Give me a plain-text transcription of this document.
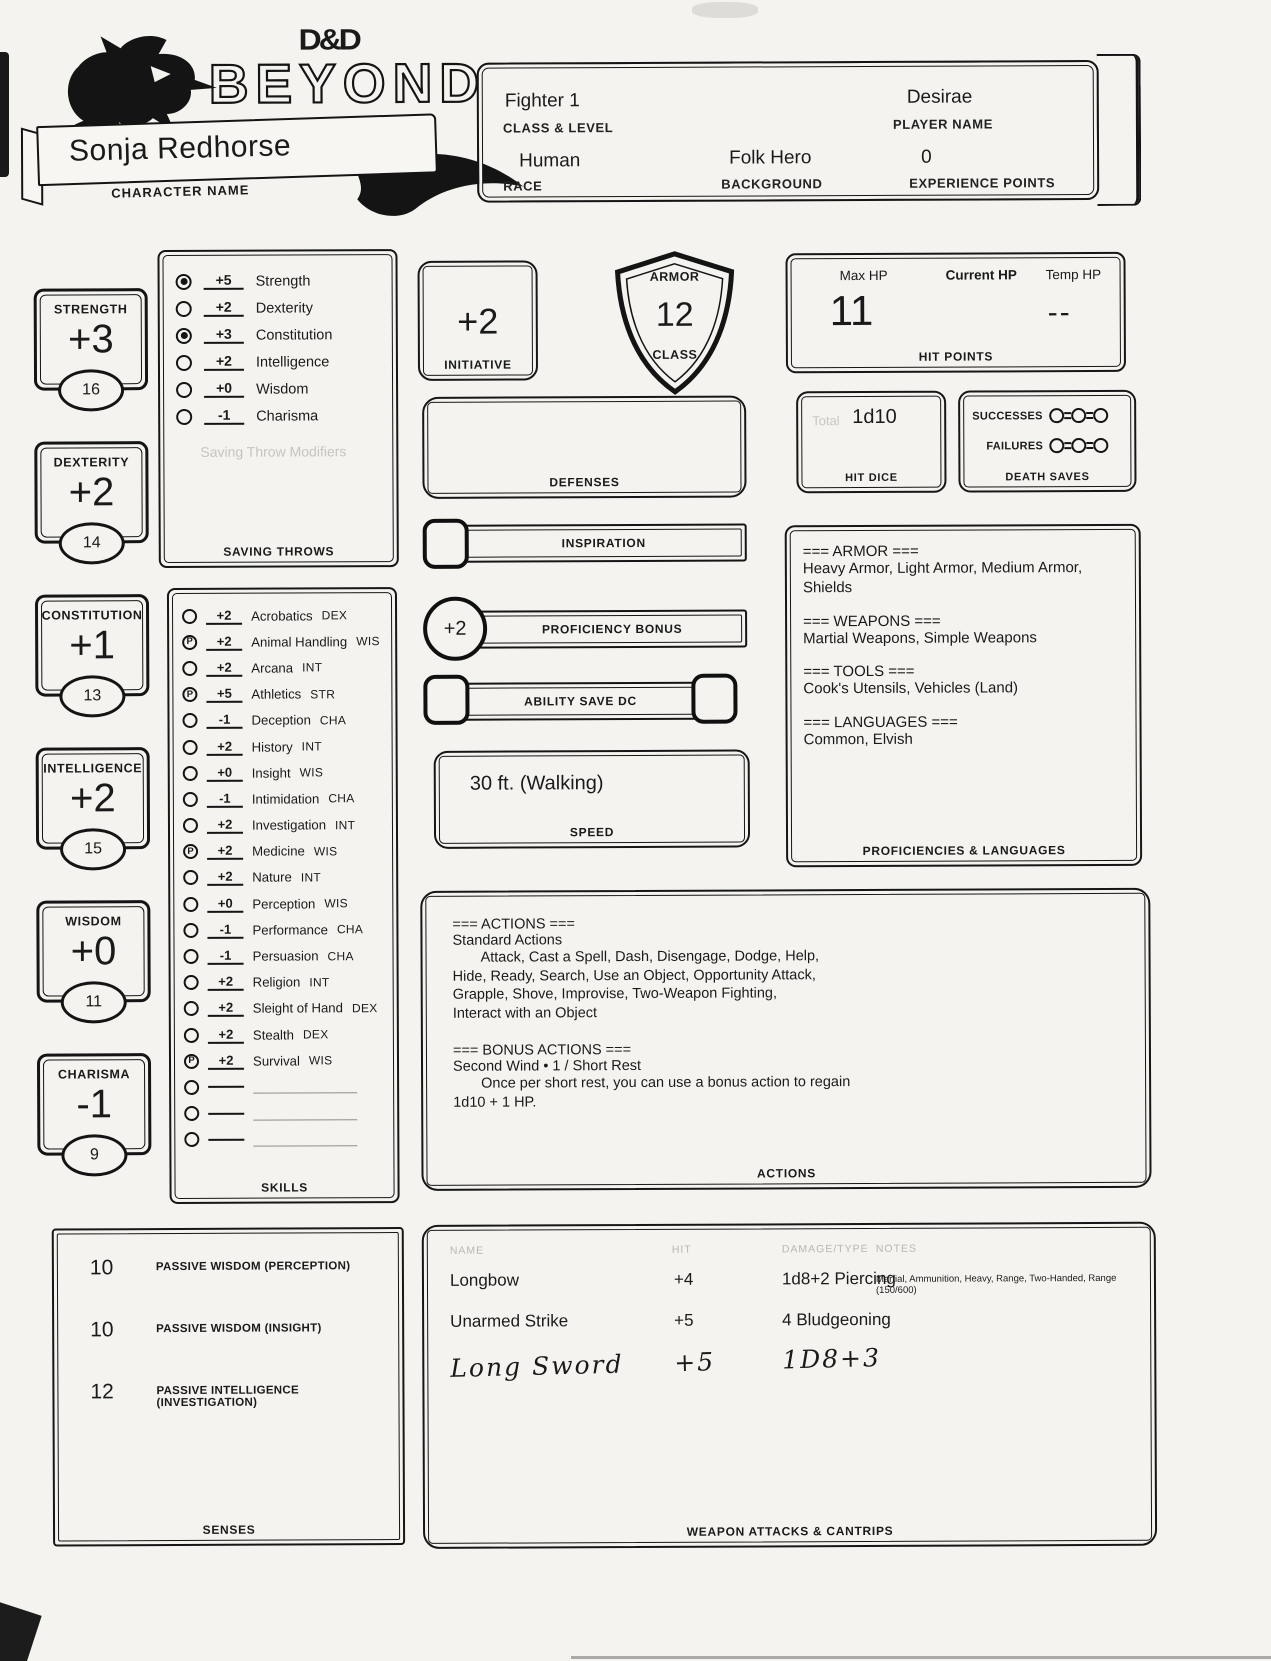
D&D
BEYOND
Sonja Redhorse
CHARACTER NAME
Fighter 1
CLASS & LEVEL
Desirae
PLAYER NAME
Human
RACE
Folk Hero
BACKGROUND
0
EXPERIENCE POINTS
STRENGTH
+3
16
DEXTERITY
+2
14
CONSTITUTION
+1
13
INTELLIGENCE
+2
15
WISDOM
+0
11
CHARISMA
-1
9
+5	Strength
+2	Dexterity
+3	Constitution
+2	Intelligence
+0	Wisdom
-1	Charisma
Saving Throw Modifiers
SAVING THROWS
+2	Acrobatics DEX
P
+2	Animal Handling WIS
+2	Arcana INT
P
+5	Athletics STR
-1	Deception CHA
+2	History INT
+0	Insight WIS
-1	Intimidation CHA
+2	Investigation INT
P
+2	Medicine WIS
+2	Nature INT
+0	Perception WIS
-1	Performance CHA
-1	Persuasion CHA
+2	Religion INT
+2	Sleight of Hand DEX
+2	Stealth DEX
P
+2	Survival WIS
SKILLS
+2
INITIATIVE
ARMOR
12
CLASS
Max HP	Current HP Temp HP
11	--
HIT POINTS
Total 1d10
HIT DICE
SUCCESSES
FAILURES
DEATH SAVES
DEFENSES
INSPIRATION
+2	PROFICIENCY BONUS
ABILITY SAVE DC
30 ft. (Walking)
SPEED
=== ARMOR ===
Heavy Armor, Light Armor, Medium Armor, Shields
=== WEAPONS ===
Martial Weapons, Simple Weapons
=== TOOLS ===
Cook's Utensils, Vehicles (Land)
=== LANGUAGES ===
Common, Elvish
PROFICIENCIES & LANGUAGES
=== ACTIONS ===
Standard Actions
Attack, Cast a Spell, Dash, Disengage, Dodge, Help, Hide, Ready, Search, Use an Object, Opportunity Attack, Grapple, Shove, Improvise, Two-Weapon Fighting, Interact with an Object
=== BONUS ACTIONS ===
Second Wind • 1 / Short Rest
Once per short rest, you can use a bonus action to regain 1d10 + 1 HP.
ACTIONS
10	PASSIVE WISDOM (PERCEPTION)
10	PASSIVE WISDOM (INSIGHT)
12	PASSIVE INTELLIGENCE (INVESTIGATION)
SENSES
NAME	HIT	DAMAGE/TYPE NOTES
Longbow	+4	1d8+2 Piercing
Martial, Ammunition, Heavy, Range, Two-Handed, Range (150/600)
Unarmed Strike	+5	4 Bludgeoning
Long Sword +5	1D8+3
WEAPON ATTACKS & CANTRIPS
